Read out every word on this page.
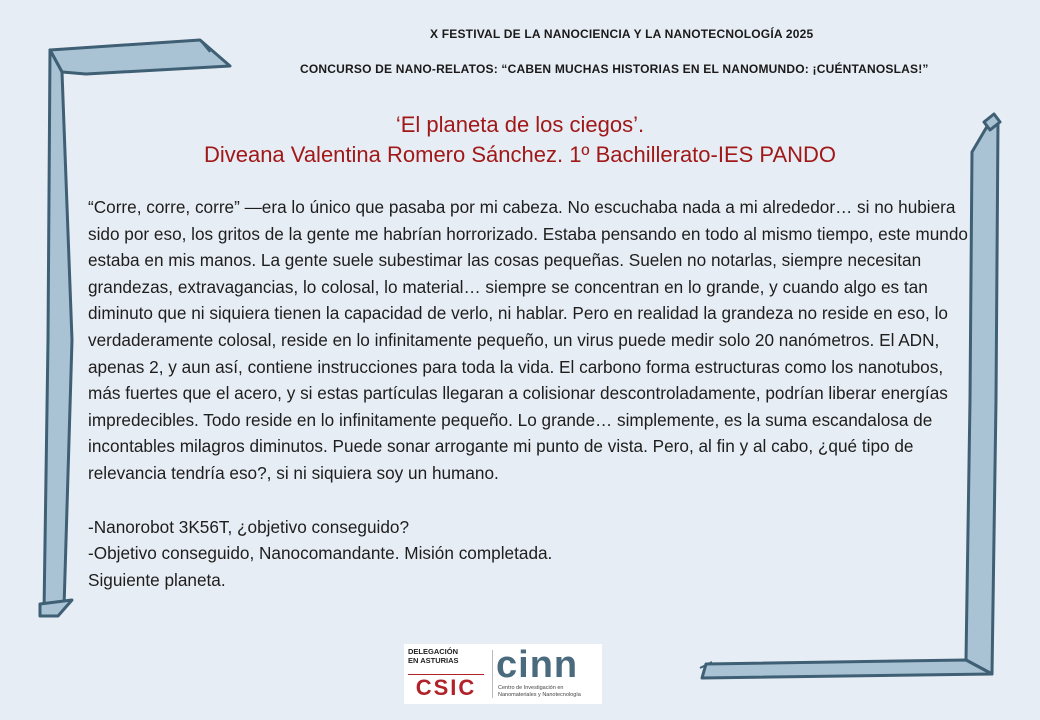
X FESTIVAL DE LA NANOCIENCIA Y LA NANOTECNOLOGÍA 2025
CONCURSO DE NANO-RELATOS: “CABEN MUCHAS HISTORIAS EN EL NANOMUNDO: ¡CUÉNTANOSLAS!”
‘El planeta de los ciegos’.
Diveana Valentina Romero Sánchez. 1º Bachillerato-IES PANDO

“Corre, corre, corre” —era lo único que pasaba por mi cabeza. No escuchaba nada a mi alrededor… si no hubiera sido por eso, los gritos de la gente me habrían horrorizado. Estaba pensando en todo al mismo tiempo, este mundo estaba en mis manos. La gente suele subestimar las cosas pequeñas. Suelen no notarlas, siempre necesitan grandezas, extravagancias, lo colosal, lo material… siempre se concentran en lo grande, y cuando algo es tan diminuto que ni siquiera tienen la capacidad de verlo, ni hablar. Pero en realidad la grandeza no reside en eso, lo verdaderamente colosal, reside en lo infinitamente pequeño, un virus puede medir solo 20 nanómetros. El ADN, apenas 2, y aun así, contiene instrucciones para toda la vida. El carbono forma estructuras como los nanotubos, más fuertes que el acero, y si estas partículas llegaran a colisionar descontroladamente, podrían liberar energías impredecibles. Todo reside en lo infinitamente pequeño. Lo grande… simplemente, es la suma escandalosa de incontables milagros diminutos. Puede sonar arrogante mi punto de vista. Pero, al fin y al cabo, ¿qué tipo de relevancia tendría eso?, si ni siquiera soy un humano.

-Nanorobot 3K56T, ¿objetivo conseguido?

-Objetivo conseguido, Nanocomandante. Misión completada.

Siguiente planeta.

DELEGACIÓN
EN ASTURIAS
CSIC
cinn
Centro de Investigación en
Nanomateriales y Nanotecnología
